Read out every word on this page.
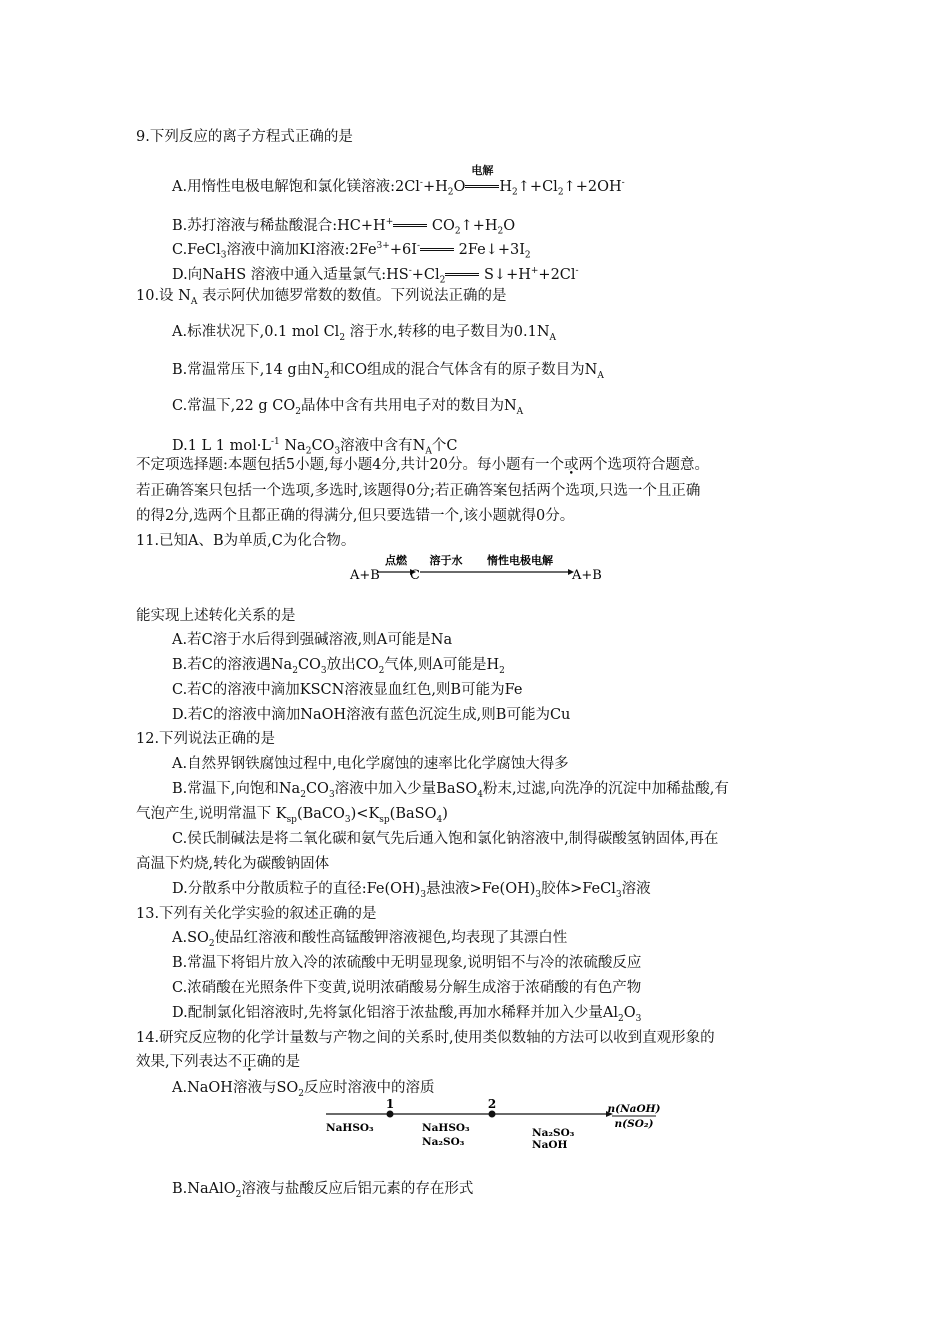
9.下列反应的离子方程式正确的是
A.用惰性电极电解饱和氯化镁溶液$:2Cl^-+H_2O$
电解
$H_2↑+Cl_2↑+2OH^-$
B.苏打溶液与稀盐酸混合:HC+H+ $CO_2↑+H_2O$
C.FeCl$_3$溶液中滴加KI溶液$:2Fe^{3+}+6I^-$ $2Fe↓+3I_2$
D.向NaHS 溶液中通入适量氯气$:HS^-+Cl_2$ S↓+H++2Cl-
10.设 $N_A$ 表示阿伏加德罗常数的数值。下列说法正确的是
A.标准状况下,0.1 mol $Cl_2$ 溶于水,转移的电子数目为$0.1N_A$
B.常温常压下,14 g由$N_2$和CO组成的混合气体含有的原子数目为$N_A$
C.常温下,22 g $CO_2$晶体中含有共用电子对的数目为$N_A$
D.1 L 1 $mol\cdot L^{-1}$ $Na_2CO_3$溶液中含有$N_A$个C
不定项选择题:本题包括5小题,每小题4分,共计20分。每小题有一个或两个 •选项符合题意。
若正确答案只包括一个选项,多选时,该题得0分;若正确答案包括两个选项,只选一个且正确
的得2分,选两个且都正确的得满分,但只要选错一个,该小题就得0分。
11.已知A、B为单质,C为化合物。
A+B
点燃
C
溶于水 惰性电极电解
A+B
能实现上述转化关系的是
A.若C溶于水后得到强碱溶液,则A可能是Na
B.若C的溶液遇$Na_2CO_3$放出$CO_2$气体,则A可能是$H_2$
C.若C的溶液中滴加KSCN溶液显血红色,则B可能为Fe
D.若C的溶液中滴加NaOH溶液有蓝色沉淀生成,则B可能为Cu
12.下列说法正确的是
A.自然界钢铁腐蚀过程中,电化学腐蚀的速率比化学腐蚀大得多
B.常温下,向饱和$Na_2CO_3$溶液中加入少量BaSO$_4$粉末,过滤,向洗净的沉淀中加稀盐酸,有
气泡产生,说明常温下 $K_{sp}(BaCO_3)<K_{sp}(BaSO_4)$
C.侯氏制碱法是将二氧化碳和氨气先后通入饱和氯化钠溶液中,制得碳酸氢钠固体,再在
高温下灼烧,转化为碳酸钠固体
D.分散系中分散质粒子的直径$:Fe(OH)_3$悬浊液$>Fe(OH)_3$胶体>FeCl$_3$溶液
13.下列有关化学实验的叙述正确的是
$A.SO_2$使品红溶液和酸性高锰酸钾溶液褪色,均表现了其漂白性
B.常温下将铝片放入冷的浓硫酸中无明显现象,说明铝不与冷的浓硫酸反应
C.浓硝酸在光照条件下变黄,说明浓硝酸易分解生成溶于浓硝酸的有色产物
D.配制氯化铝溶液时,先将氯化铝溶于浓盐酸,再加水稀释并加入少量$Al_2O_3$
14.研究反应物的化学计量数与产物之间的关系时,使用类似数轴的方法可以收到直观形象的
效果,下列表达不正确的是
A.NaOH溶液与$SO_2$反应时溶液中的溶质
1	2
NaHSO₃	NaHSO₃
Na₂SO₃
Na₂SO₃
NaOH
n(NaOH)
n(SO₂)
B.NaAlO$_2$溶液与盐酸反应后铝元素的存在形式
